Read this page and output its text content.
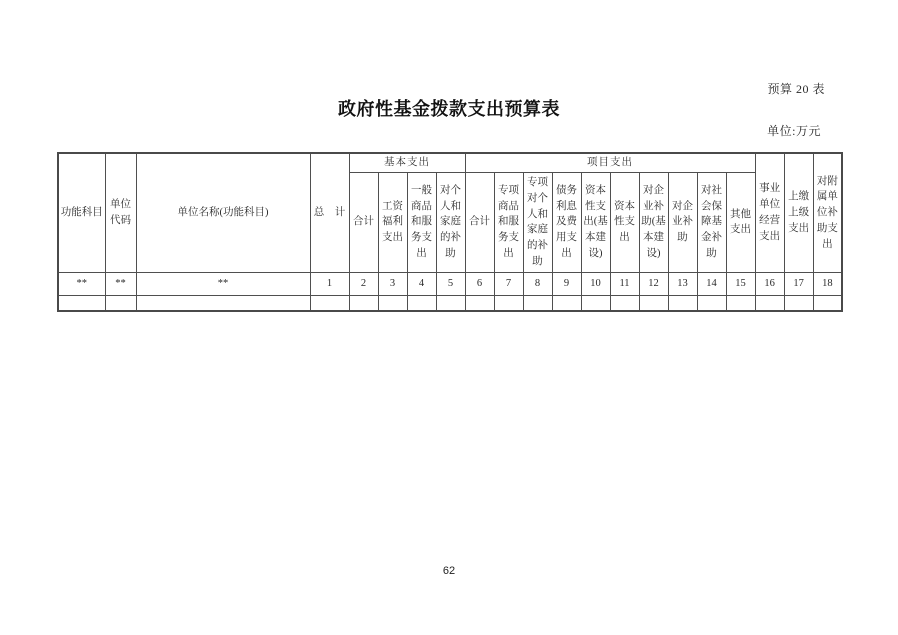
预算 20 表
政府性基金拨款支出预算表
单位:万元
功能科目	单位代码	单位名称(功能科目)	总　计	基本支出				项目支出										事业单位经营支出	上缴上级支出	对附属单位补助支出
				合计	工资福利支出	一般商品和服务支出	对个人和家庭的补助	合计	专项商品和服务支出	专项对个人和家庭的补助	债务利息及费用支出	资本性支出(基本建设)	资本性支出	对企业补助(基本建设)	对企业补助	对社会保障基金补助	其他支出			
**	**	**	1	2	3	4	5	6	7	8	9	10	11	12	13	14	15	16	17	18

62
